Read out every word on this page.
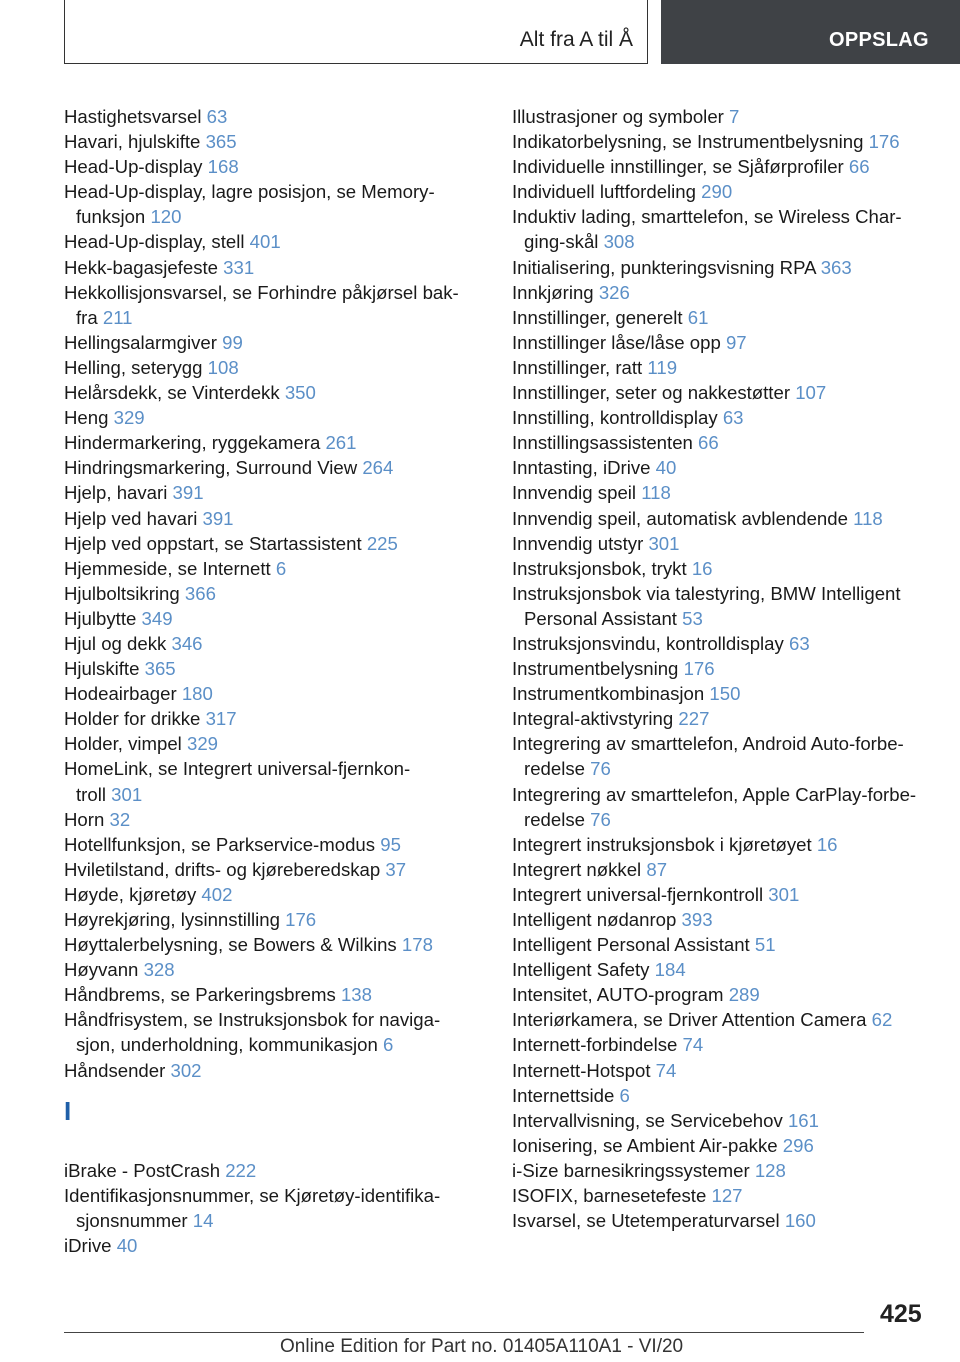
Alt fra A til Å	OPPSLAG
Hastighetsvarsel 63
Havari, hjulskifte 365
Head-Up-display 168
Head-Up-display, lagre posisjon, se Memory-
funksjon 120
Head-Up-display, stell 401
Hekk-bagasjefeste 331
Hekkollisjonsvarsel, se Forhindre påkjørsel bak-
fra 211
Hellingsalarmgiver 99
Helling, seterygg 108
Helårsdekk, se Vinterdekk 350
Heng 329
Hindermarkering, ryggekamera 261
Hindringsmarkering, Surround View 264
Hjelp, havari 391
Hjelp ved havari 391
Hjelp ved oppstart, se Startassistent 225
Hjemmeside, se Internett 6
Hjulboltsikring 366
Hjulbytte 349
Hjul og dekk 346
Hjulskifte 365
Hodeairbager 180
Holder for drikke 317
Holder, vimpel 329
HomeLink, se Integrert universal-fjernkon-
troll 301
Horn 32
Hotellfunksjon, se Parkservice-modus 95
Hviletilstand, drifts- og kjøreberedskap 37
Høyde, kjøretøy 402
Høyrekjøring, lysinnstilling 176
Høyttalerbelysning, se Bowers & Wilkins 178
Høyvann 328
Håndbrems, se Parkeringsbrems 138
Håndfrisystem, se Instruksjonsbok for naviga-
sjon, underholdning, kommunikasjon 6
Håndsender 302
I
iBrake - PostCrash 222
Identifikasjonsnummer, se Kjøretøy-identifika-
sjonsnummer 14
iDrive 40
Illustrasjoner og symboler 7
Indikatorbelysning, se Instrumentbelysning 176
Individuelle innstillinger, se Sjåførprofiler 66
Individuell luftfordeling 290
Induktiv lading, smarttelefon, se Wireless Char-
ging-skål 308
Initialisering, punkteringsvisning RPA 363
Innkjøring 326
Innstillinger, generelt 61
Innstillinger låse/låse opp 97
Innstillinger, ratt 119
Innstillinger, seter og nakkestøtter 107
Innstilling, kontrolldisplay 63
Innstillingsassistenten 66
Inntasting, iDrive 40
Innvendig speil 118
Innvendig speil, automatisk avblendende 118
Innvendig utstyr 301
Instruksjonsbok, trykt 16
Instruksjonsbok via talestyring, BMW Intelligent
Personal Assistant 53
Instruksjonsvindu, kontrolldisplay 63
Instrumentbelysning 176
Instrumentkombinasjon 150
Integral-aktivstyring 227
Integrering av smarttelefon, Android Auto-forbe-
redelse 76
Integrering av smarttelefon, Apple CarPlay-forbe-
redelse 76
Integrert instruksjonsbok i kjøretøyet 16
Integrert nøkkel 87
Integrert universal-fjernkontroll 301
Intelligent nødanrop 393
Intelligent Personal Assistant 51
Intelligent Safety 184
Intensitet, AUTO-program 289
Interiørkamera, se Driver Attention Camera 62
Internett-forbindelse 74
Internett-Hotspot 74
Internettside 6
Intervallvisning, se Servicebehov 161
Ionisering, se Ambient Air-pakke 296
i-Size barnesikringssystemer 128
ISOFIX, barnesetefeste 127
Isvarsel, se Utetemperaturvarsel 160
425
Online Edition for Part no. 01405A110A1 - VI/20
